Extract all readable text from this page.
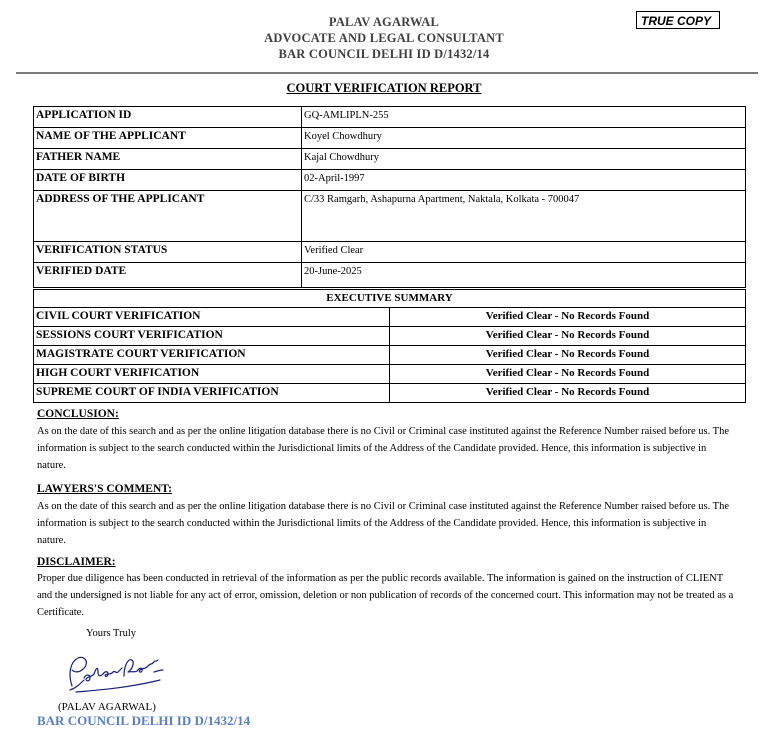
PALAV AGARWAL
ADVOCATE AND LEGAL CONSULTANT
BAR COUNCIL DELHI ID D/1432/14
TRUE COPY
COURT VERIFICATION REPORT
APPLICATION ID	GQ-AMLIPLN-255
NAME OF THE APPLICANT	Koyel Chowdhury
FATHER NAME	Kajal Chowdhury
DATE OF BIRTH	02-April-1997
ADDRESS OF THE APPLICANT	C/33 Ramgarh, Ashapurna Apartment, Naktala, Kolkata - 700047
VERIFICATION STATUS	Verified Clear
VERIFIED DATE	20-June-2025
EXECUTIVE SUMMARY	
CIVIL COURT VERIFICATION	Verified Clear - No Records Found
SESSIONS COURT VERIFICATION	Verified Clear - No Records Found
MAGISTRATE COURT VERIFICATION	Verified Clear - No Records Found
HIGH COURT VERIFICATION	Verified Clear - No Records Found
SUPREME COURT OF INDIA VERIFICATION	Verified Clear - No Records Found
CONCLUSION:
As on the date of this search and as per the online litigation database there is no Civil or Criminal case instituted against the Reference Number raised before us. The information is subject to the search conducted within the Jurisdictional limits of the Address of the Candidate provided. Hence, this information is subjective in nature.
LAWYERS'S COMMENT:
As on the date of this search and as per the online litigation database there is no Civil or Criminal case instituted against the Reference Number raised before us. The information is subject to the search conducted within the Jurisdictional limits of the Address of the Candidate provided. Hence, this information is subjective in nature.
DISCLAIMER:
Proper due diligence has been conducted in retrieval of the information as per the public records available. The information is gained on the instruction of CLIENT and the undersigned is not liable for any act of error, omission, deletion or non publication of records of the concerned court. This information may not be treated as a Certificate.
Yours Truly
(PALAV AGARWAL)
BAR COUNCIL DELHI ID D/1432/14
